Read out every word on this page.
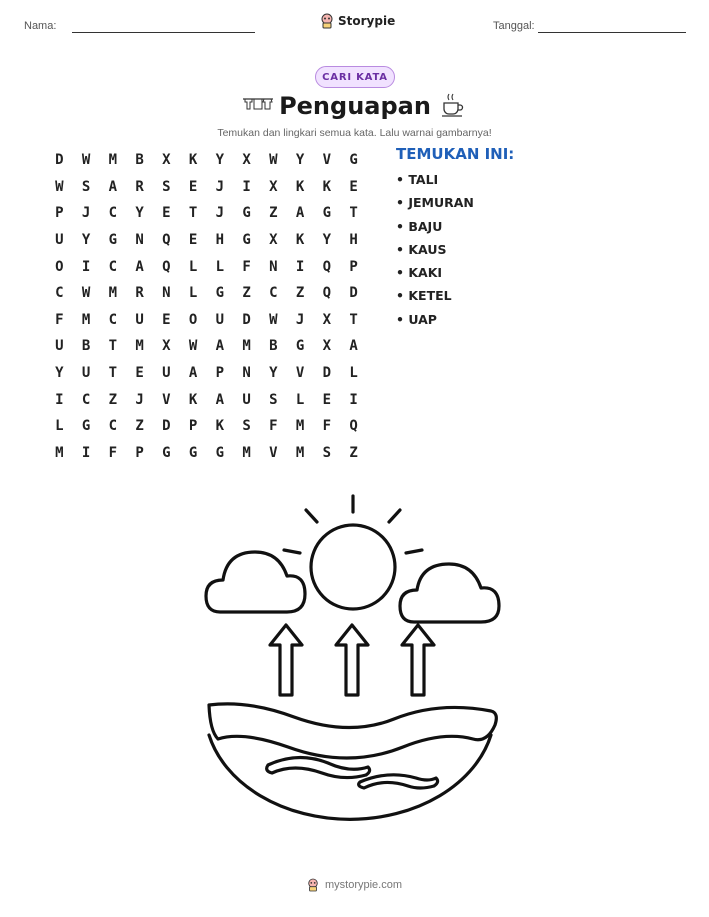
Nama:	Storypie	Tanggal:
CARI KATA
Penguapan
Temukan dan lingkari semua kata. Lalu warnai gambarnya!
D	W	M	B	X	K	Y	X	W	Y	V	G
W	S	A	R	S	E	J	I	X	K	K	E
P	J	C	Y	E	T	J	G	Z	A	G	T
U	Y	G	N	Q	E	H	G	X	K	Y	H
O	I	C	A	Q	L	L	F	N	I	Q	P
C	W	M	R	N	L	G	Z	C	Z	Q	D
F	M	C	U	E	O	U	D	W	J	X	T
U	B	T	M	X	W	A	M	B	G	X	A
Y	U	T	E	U	A	P	N	Y	V	D	L
I	C	Z	J	V	K	A	U	S	L	E	I
L	G	C	Z	D	P	K	S	F	M	F	Q
M	I	F	P	G	G	G	M	V	M	S	Z
TEMUKAN INI:
• TALI
• JEMURAN
• BAJU
• KAUS
• KAKI
• KETEL
• UAP
mystorypie.com
